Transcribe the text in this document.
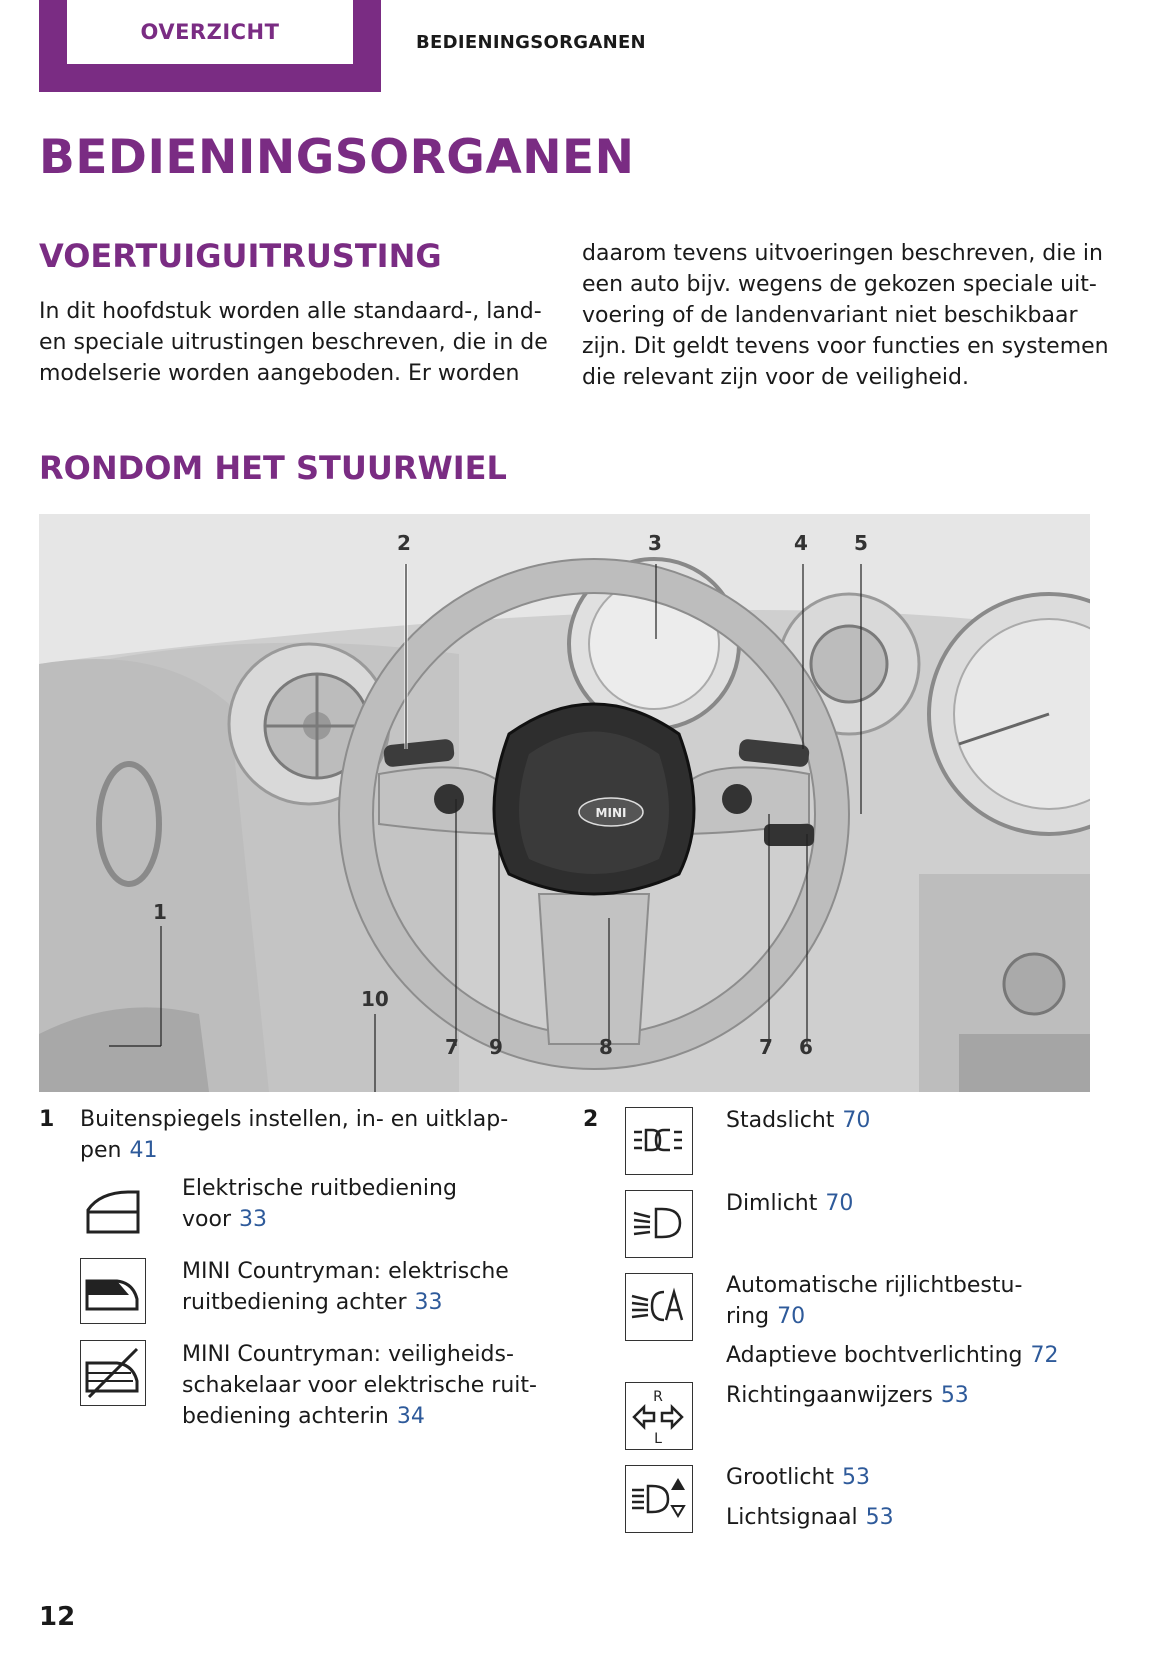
OVERZICHT	BEDIENINGSORGANEN
BEDIENINGSORGANEN
VOERTUIGUITRUSTING
In dit hoofdstuk worden alle standaard-, land-
en speciale uitrustingen beschreven, die in de
modelserie worden aangeboden. Er worden
daarom tevens uitvoeringen beschreven, die in
een auto bijv. wegens de gekozen speciale uit-
voering of de landenvariant niet beschikbaar
zijn. Dit geldt tevens voor functies en systemen
die relevant zijn voor de veiligheid.
RONDOM HET STUURWIEL
2	3	4 5
1
7 9	8	7 6
10
MINI
1 Buitenspiegels instellen, in- en uitklap-
pen 41
Elektrische ruitbediening
voor 33
MINI Countryman: elektrische
ruitbediening achter 33
MINI Countryman: veiligheids-
schakelaar voor elektrische ruit-
bediening achterin 34
2	Stadslicht 70
Dimlicht 70
Automatische rijlichtbestu-
ring 70
Adaptieve bochtverlichting 72
R
L
Richtingaanwijzers 53
Grootlicht 53
Lichtsignaal 53
12
